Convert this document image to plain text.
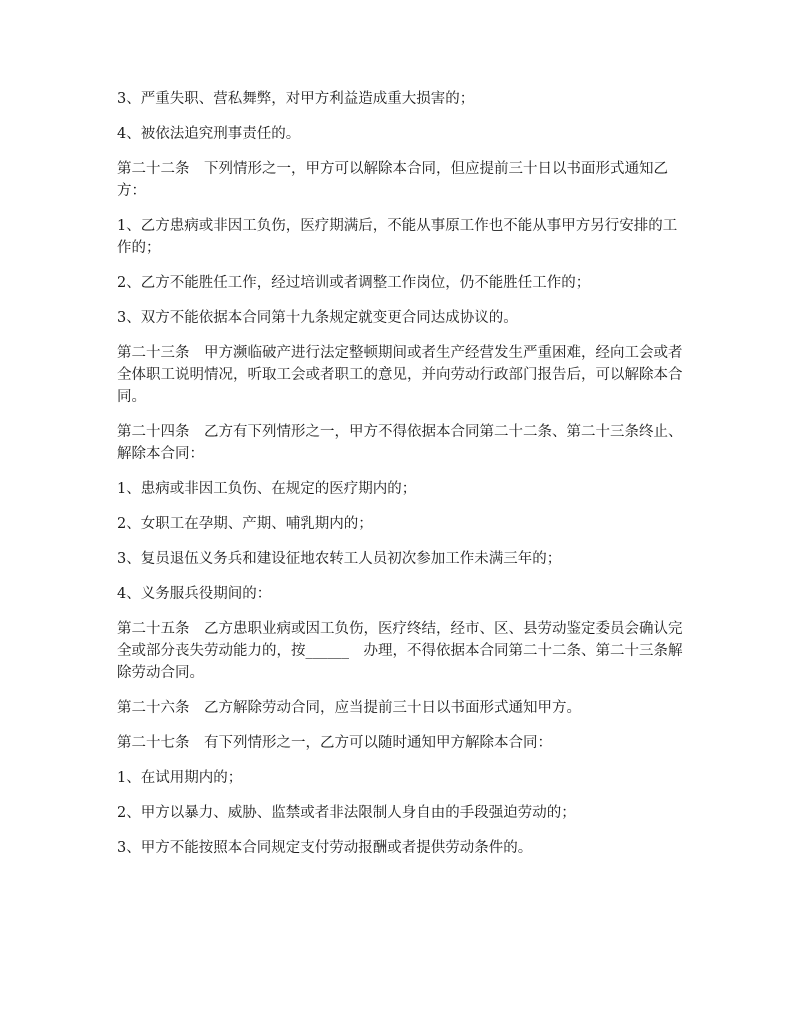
3、严重失职、营私舞弊，对甲方利益造成重大损害的；

4、被依法追究刑事责任的。

第二十二条　下列情形之一，甲方可以解除本合同，但应提前三十日以书面形式通知乙方：

1、乙方患病或非因工负伤，医疗期满后，不能从事原工作也不能从事甲方另行安排的工作的；

2、乙方不能胜任工作，经过培训或者调整工作岗位，仍不能胜任工作的；

3、双方不能依据本合同第十九条规定就变更合同达成协议的。

第二十三条　甲方濒临破产进行法定整顿期间或者生产经营发生严重困难，经向工会或者全体职工说明情况，听取工会或者职工的意见，并向劳动行政部门报告后，可以解除本合同。

第二十四条　乙方有下列情形之一，甲方不得依据本合同第二十二条、第二十三条终止、解除本合同：

1、患病或非因工负伤、在规定的医疗期内的；

2、女职工在孕期、产期、哺乳期内的；

3、复员退伍义务兵和建设征地农转工人员初次参加工作未满三年的；

4、义务服兵役期间的：

第二十五条　乙方患职业病或因工负伤，医疗终结，经市、区、县劳动鉴定委员会确认完全或部分丧失劳动能力的，按______　办理，不得依据本合同第二十二条、第二十三条解除劳动合同。

第二十六条　乙方解除劳动合同，应当提前三十日以书面形式通知甲方。

第二十七条　有下列情形之一，乙方可以随时通知甲方解除本合同：

1、在试用期内的；

2、甲方以暴力、威胁、监禁或者非法限制人身自由的手段强迫劳动的；

3、甲方不能按照本合同规定支付劳动报酬或者提供劳动条件的。
